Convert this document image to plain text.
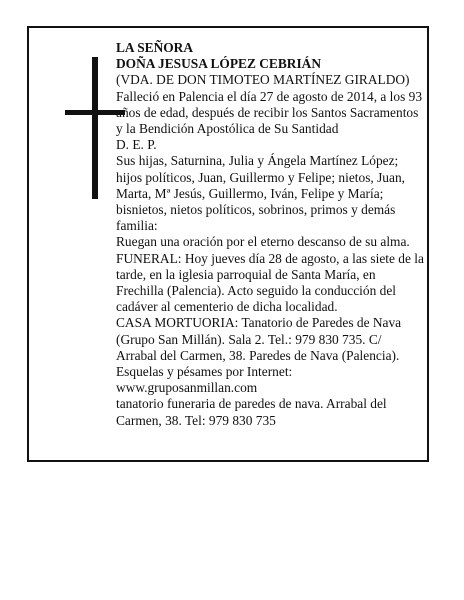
LA SEÑORA

DOÑA JESUSA LÓPEZ CEBRIÁN

(VDA. DE DON TIMOTEO MARTÍNEZ GIRALDO)

Falleció en Palencia el día 27 de agosto de 2014, a los 93 años de edad, después de recibir los Santos Sacramentos y la Bendición Apostólica de Su Santidad

D. E. P.

Sus hijas, Saturnina, Julia y Ángela Martínez López; hijos políticos, Juan, Guillermo y Felipe; nietos, Juan, Marta, Mª Jesús, Guillermo, Iván, Felipe y María; bisnietos, nietos políticos, sobrinos, primos y demás familia:

Ruegan una oración por el eterno descanso de su alma.

FUNERAL: Hoy jueves día 28 de agosto, a las siete de la tarde, en la iglesia parroquial de Santa María, en Frechilla (Palencia). Acto seguido la conducción del cadáver al cementerio de dicha localidad.

CASA MORTUORIA: Tanatorio de Paredes de Nava (Grupo San Millán). Sala 2. Tel.: 979 830 735. C/ Arrabal del Carmen, 38. Paredes de Nava (Palencia).

Esquelas y pésames por Internet:

www.gruposanmillan.com

tanatorio funeraria de paredes de nava. Arrabal del Carmen, 38. Tel: 979 830 735
